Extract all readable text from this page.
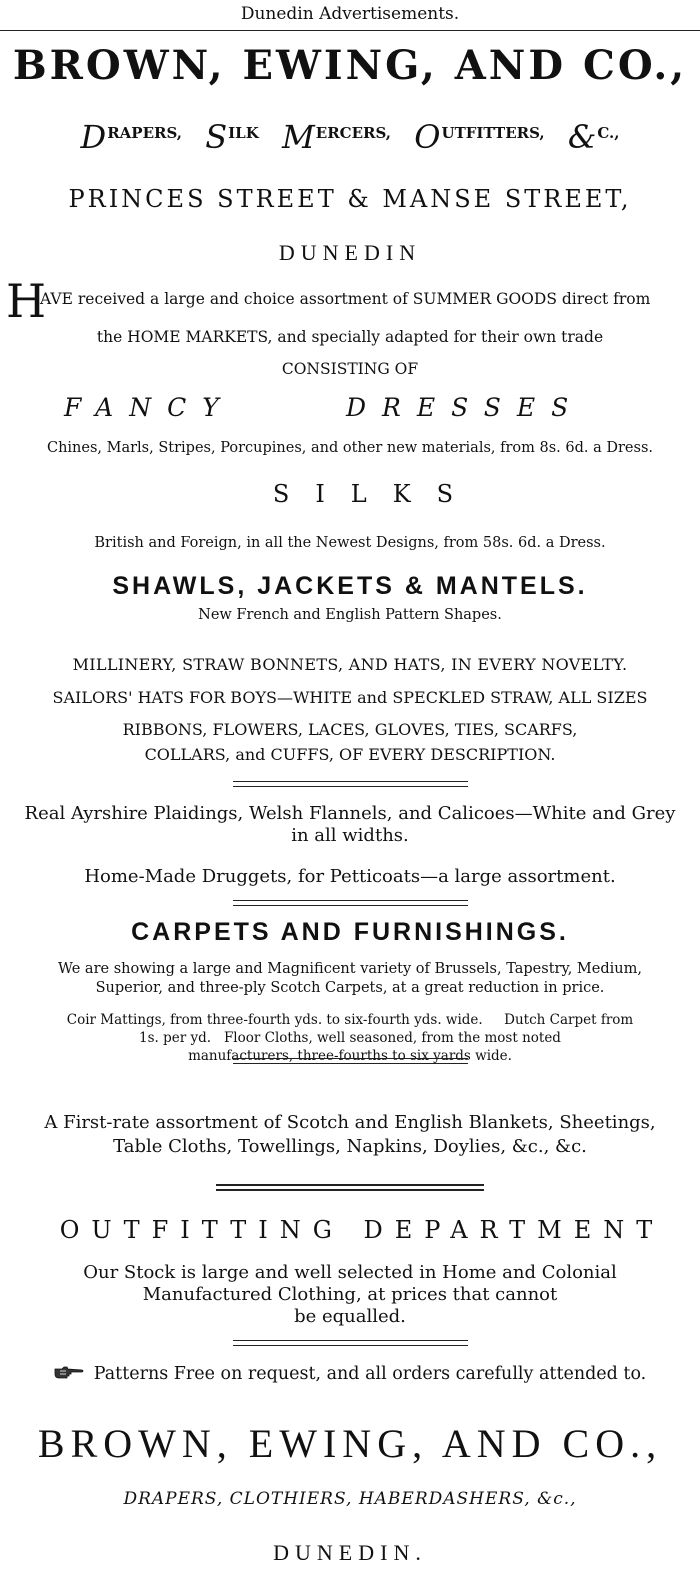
Dunedin Advertisements.
BROWN, EWING, AND CO.,
DRAPERS, SILK MERCERS, OUTFITTERS, &C.,
PRINCES STREET & MANSE STREET,
DUNEDIN
H
AVE received a large and choice assortment of SUMMER GOODS direct from
the HOME MARKETS, and specially adapted for their own trade
CONSISTING OF
FANCY	DRESSES
Chines, Marls, Stripes, Porcupines, and other new materials, from 8s. 6d. a Dress.
SILKS
British and Foreign, in all the Newest Designs, from 58s. 6d. a Dress.
SHAWLS, JACKETS & MANTELS.
New French and English Pattern Shapes.
MILLINERY, STRAW BONNETS, AND HATS, IN EVERY NOVELTY.
SAILORS' HATS FOR BOYS—WHITE and SPECKLED STRAW, ALL SIZES
RIBBONS, FLOWERS, LACES, GLOVES, TIES, SCARFS,
COLLARS, and CUFFS, OF EVERY DESCRIPTION.
Real Ayrshire Plaidings, Welsh Flannels, and Calicoes—White and Grey
in all widths.
Home-Made Druggets, for Petticoats—a large assortment.
CARPETS AND FURNISHINGS.
We are showing a large and Magnificent variety of Brussels, Tapestry, Medium,
Superior, and three-ply Scotch Carpets, at a great reduction in price.
Coir Mattings, from three-fourth yds. to six-fourth yds. wide.     Dutch Carpet from
1s. per yd.   Floor Cloths, well seasoned, from the most noted
manufacturers, three-fourths to six yards wide.
A First-rate assortment of Scotch and English Blankets, Sheetings,
Table Cloths, Towellings, Napkins, Doylies, &c., &c.
OUTFITTING DEPARTMENT
Our Stock is large and well selected in Home and Colonial
Manufactured Clothing, at prices that cannot
be equalled.
Patterns Free on request, and all orders carefully attended to.
BROWN, EWING, AND CO.,
DRAPERS, CLOTHIERS, HABERDASHERS, &c.,
DUNEDIN.
